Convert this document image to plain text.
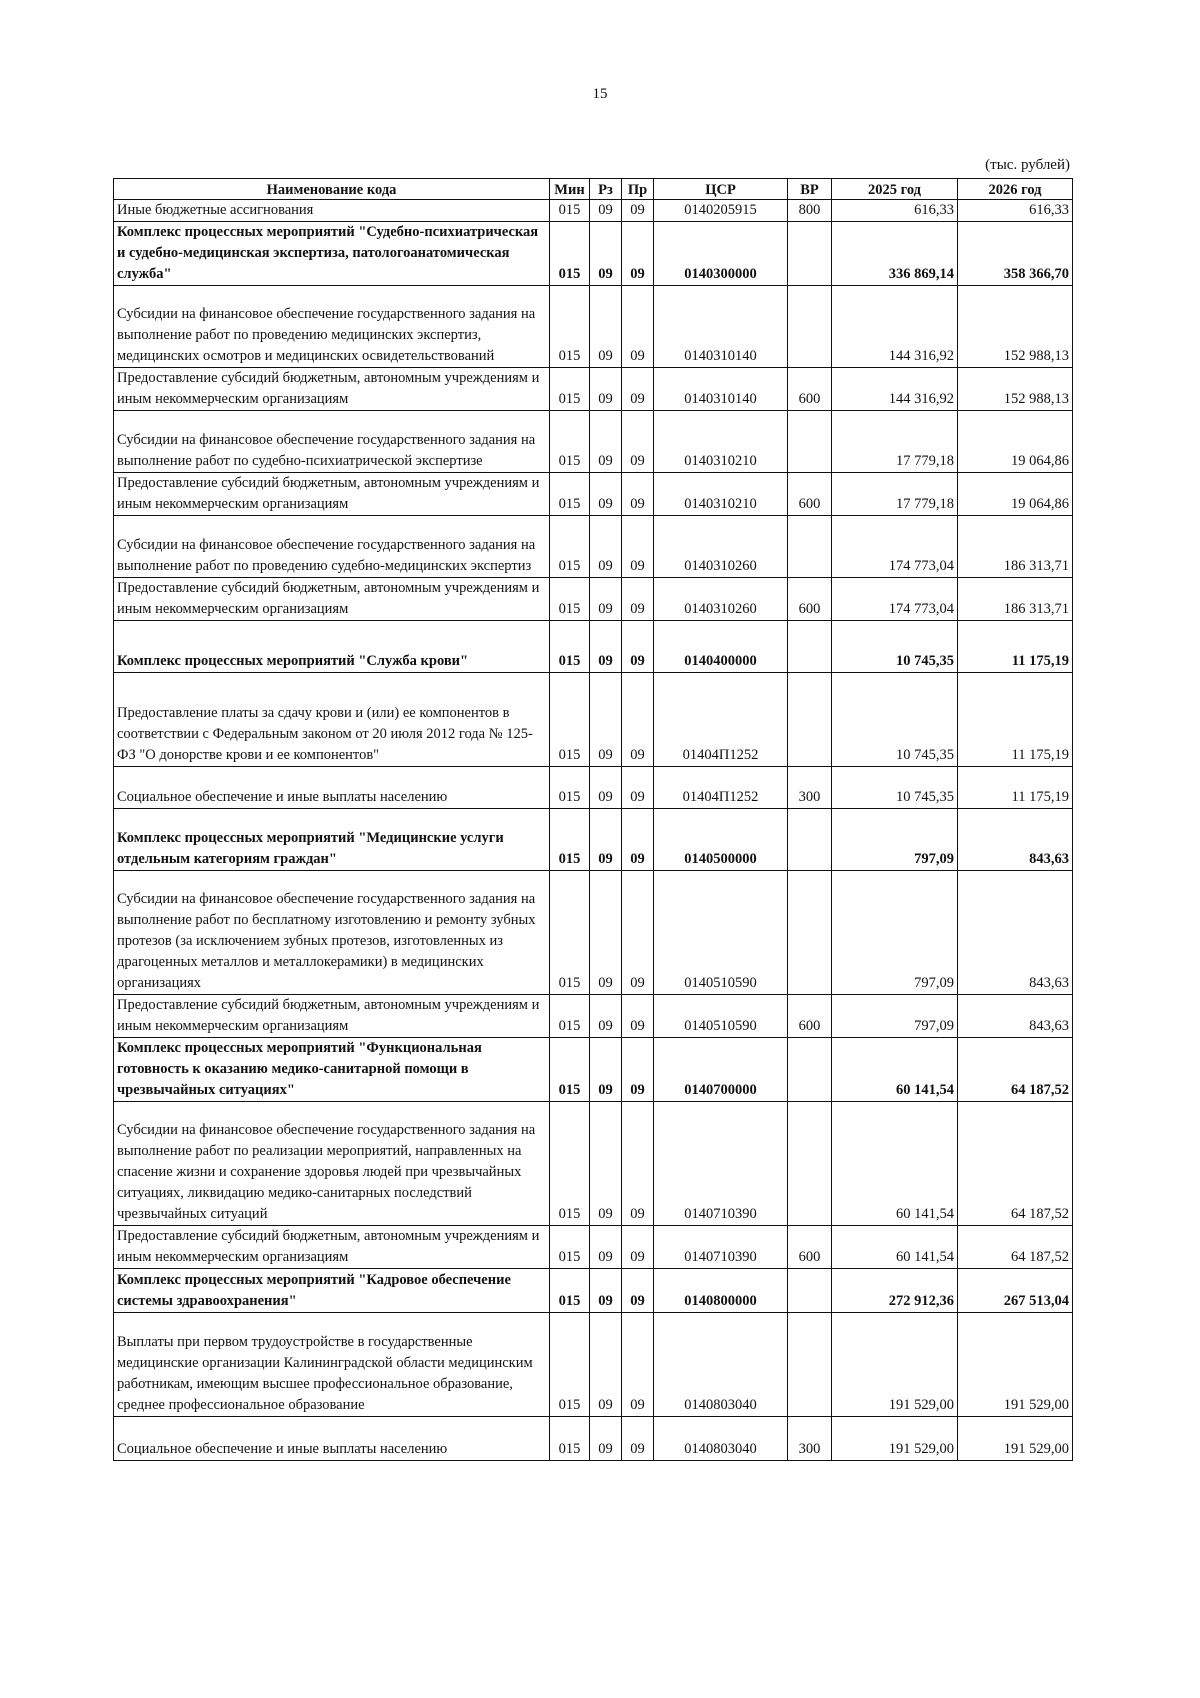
15
(тыс. рублей)
Наименование кода	Мин	Рз	Пр	ЦСР	ВР	2025 год	2026 год
Иные бюджетные ассигнования	015	09	09	0140205915	800	616,33	616,33
Комплекс процессных мероприятий "Судебно-психиатрическая и судебно-медицинская экспертиза, патологоанатомическая служба"	015	09	09	0140300000		336 869,14	358 366,70
Субсидии на финансовое обеспечение государственного задания на выполнение работ по проведению медицинских экспертиз, медицинских осмотров и медицинских освидетельствований	015	09	09	0140310140		144 316,92	152 988,13
Предоставление субсидий бюджетным, автономным учреждениям и иным некоммерческим организациям	015	09	09	0140310140	600	144 316,92	152 988,13
Субсидии на финансовое обеспечение государственного задания на выполнение работ по судебно-психиатрической экспертизе	015	09	09	0140310210		17 779,18	19 064,86
Предоставление субсидий бюджетным, автономным учреждениям и иным некоммерческим организациям	015	09	09	0140310210	600	17 779,18	19 064,86
Субсидии на финансовое обеспечение государственного задания на выполнение работ по проведению судебно-медицинских экспертиз	015	09	09	0140310260		174 773,04	186 313,71
Предоставление субсидий бюджетным, автономным учреждениям и иным некоммерческим организациям	015	09	09	0140310260	600	174 773,04	186 313,71
Комплекс процессных мероприятий "Служба крови"	015	09	09	0140400000		10 745,35	11 175,19
Предоставление платы за сдачу крови и (или) ее компонентов в соответствии с Федеральным законом от 20 июля 2012 года № 125-ФЗ "О донорстве крови и ее компонентов"	015	09	09	01404П1252		10 745,35	11 175,19
Социальное обеспечение и иные выплаты населению	015	09	09	01404П1252	300	10 745,35	11 175,19
Комплекс процессных мероприятий "Медицинские услуги отдельным категориям граждан"	015	09	09	0140500000		797,09	843,63
Субсидии на финансовое обеспечение государственного задания на выполнение работ по бесплатному изготовлению и ремонту зубных протезов (за исключением зубных протезов, изготовленных из драгоценных металлов и металлокерамики) в медицинских организациях	015	09	09	0140510590		797,09	843,63
Предоставление субсидий бюджетным, автономным учреждениям и иным некоммерческим организациям	015	09	09	0140510590	600	797,09	843,63
Комплекс процессных мероприятий "Функциональная готовность к оказанию медико-санитарной помощи в чрезвычайных ситуациях"	015	09	09	0140700000		60 141,54	64 187,52
Субсидии на финансовое обеспечение государственного задания на выполнение работ по реализации мероприятий, направленных на спасение жизни и сохранение здоровья людей при чрезвычайных ситуациях, ликвидацию медико-санитарных последствий чрезвычайных ситуаций	015	09	09	0140710390		60 141,54	64 187,52
Предоставление субсидий бюджетным, автономным учреждениям и иным некоммерческим организациям	015	09	09	0140710390	600	60 141,54	64 187,52
Комплекс процессных мероприятий "Кадровое обеспечение системы здравоохранения"	015	09	09	0140800000		272 912,36	267 513,04
Выплаты при первом трудоустройстве в государственные медицинские организации Калининградской области медицинским работникам, имеющим высшее профессиональное образование, среднее профессиональное образование	015	09	09	0140803040		191 529,00	191 529,00
Социальное обеспечение и иные выплаты населению	015	09	09	0140803040	300	191 529,00	191 529,00
